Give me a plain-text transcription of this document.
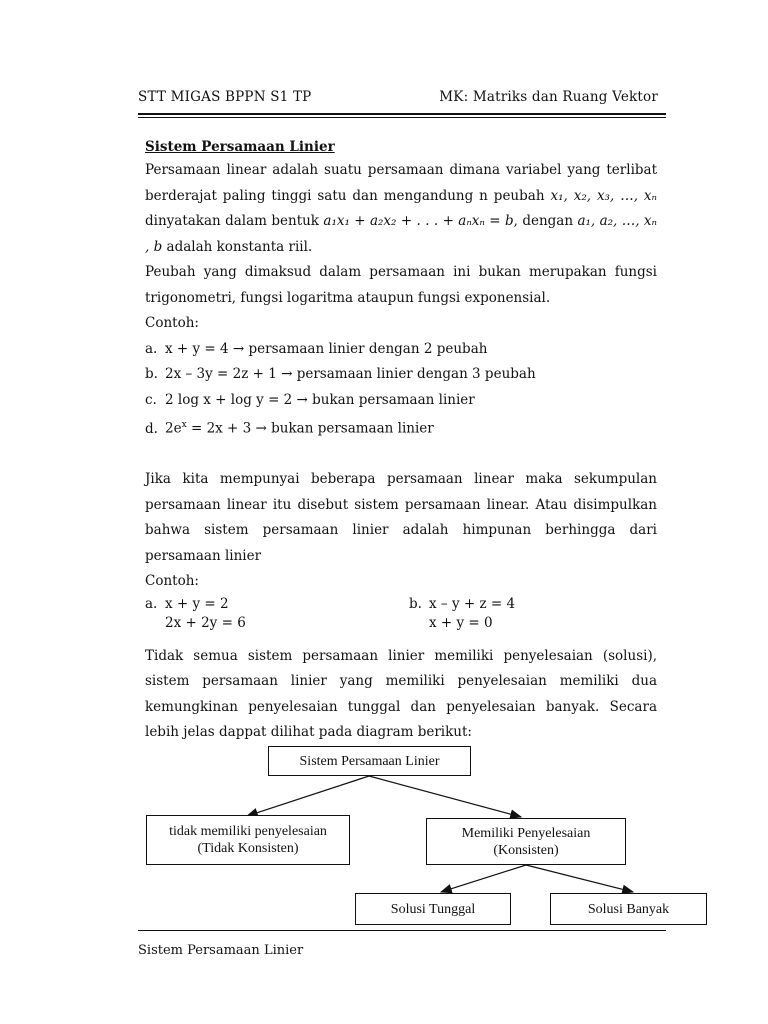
STT MIGAS BPPN S1 TP	MK: Matriks dan Ruang Vektor
Sistem Persamaan Linier
Persamaan linear adalah suatu persamaan dimana variabel yang terlibat berderajat paling tinggi satu dan mengandung n peubah x₁, x₂, x₃, …, xₙ dinyatakan dalam bentuk a₁x₁ + a₂x₂ + . . . + aₙxₙ = b, dengan a₁, a₂, …, xₙ , b adalah konstanta riil.
Peubah yang dimaksud dalam persamaan ini bukan merupakan fungsi trigonometri, fungsi logaritma ataupun fungsi exponensial.
Contoh:
a. x + y = 4 → persamaan linier dengan 2 peubah
b. 2x – 3y = 2z + 1 → persamaan linier dengan 3 peubah
c. 2 log x + log y = 2 → bukan persamaan linier
d. $2e^x = 2x + 3$ → bukan persamaan linier
Jika kita mempunyai beberapa persamaan linear maka sekumpulan persamaan linear itu disebut sistem persamaan linear. Atau disimpulkan bahwa sistem persamaan linier adalah himpunan berhingga dari persamaan linier
Contoh:
a. x + y = 2
2x + 2y = 6
b. x – y + z = 4
x + y = 0
Tidak semua sistem persamaan linier memiliki penyelesaian (solusi), sistem persamaan linier yang memiliki penyelesaian memiliki dua kemungkinan penyelesaian tunggal dan penyelesaian banyak. Secara lebih jelas dappat dilihat pada diagram berikut:
Sistem Persamaan Linier
tidak memiliki penyelesaian
(Tidak Konsisten)
Memiliki Penyelesaian
(Konsisten)
Solusi Tunggal	Solusi Banyak
Sistem Persamaan Linier
